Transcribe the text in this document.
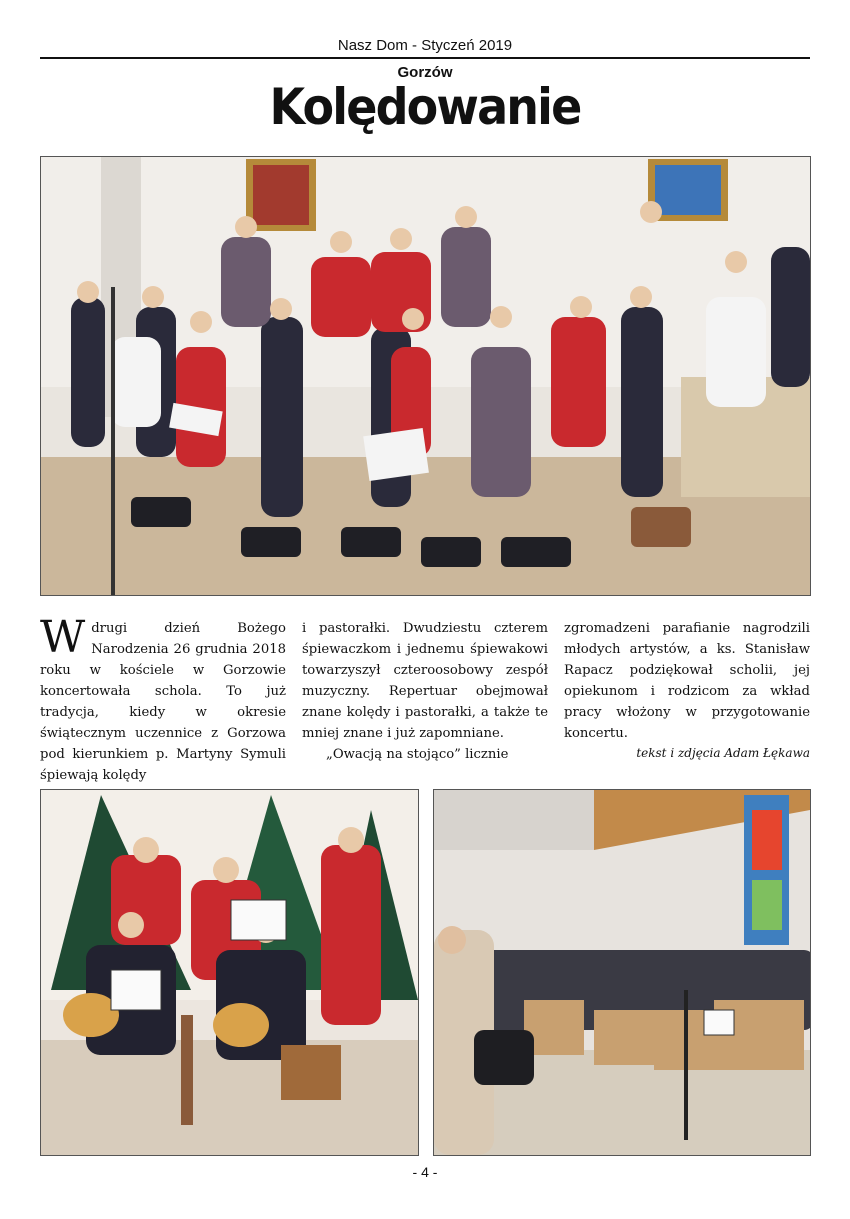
Nasz Dom - Styczeń 2019
Gorzów
Kolędowanie
W drugi dzień Bożego Narodzenia 26 grudnia 2018 roku w kościele w Gorzowie koncertowała schola. To już tradycja, kiedy w okresie świątecznym uczennice z Gorzowa pod kierunkiem p. Martyny Symuli śpiewają kolędy
i pastorałki. Dwudziestu czterem śpiewaczkom i jednemu śpiewakowi towarzyszył czteroosobowy zespół muzyczny. Repertuar obejmował znane kolędy i pastorałki, a także te mniej znane i już zapomniane.
„Owacją na stojąco” licznie
zgromadzeni parafianie nagrodzili młodych artystów, a ks. Stanisław Rapacz podziękował scholii, jej opiekunom i rodzicom za wkład pracy włożony w przygotowanie koncertu.
tekst i zdjęcia Adam Łękawa
- 4 -
